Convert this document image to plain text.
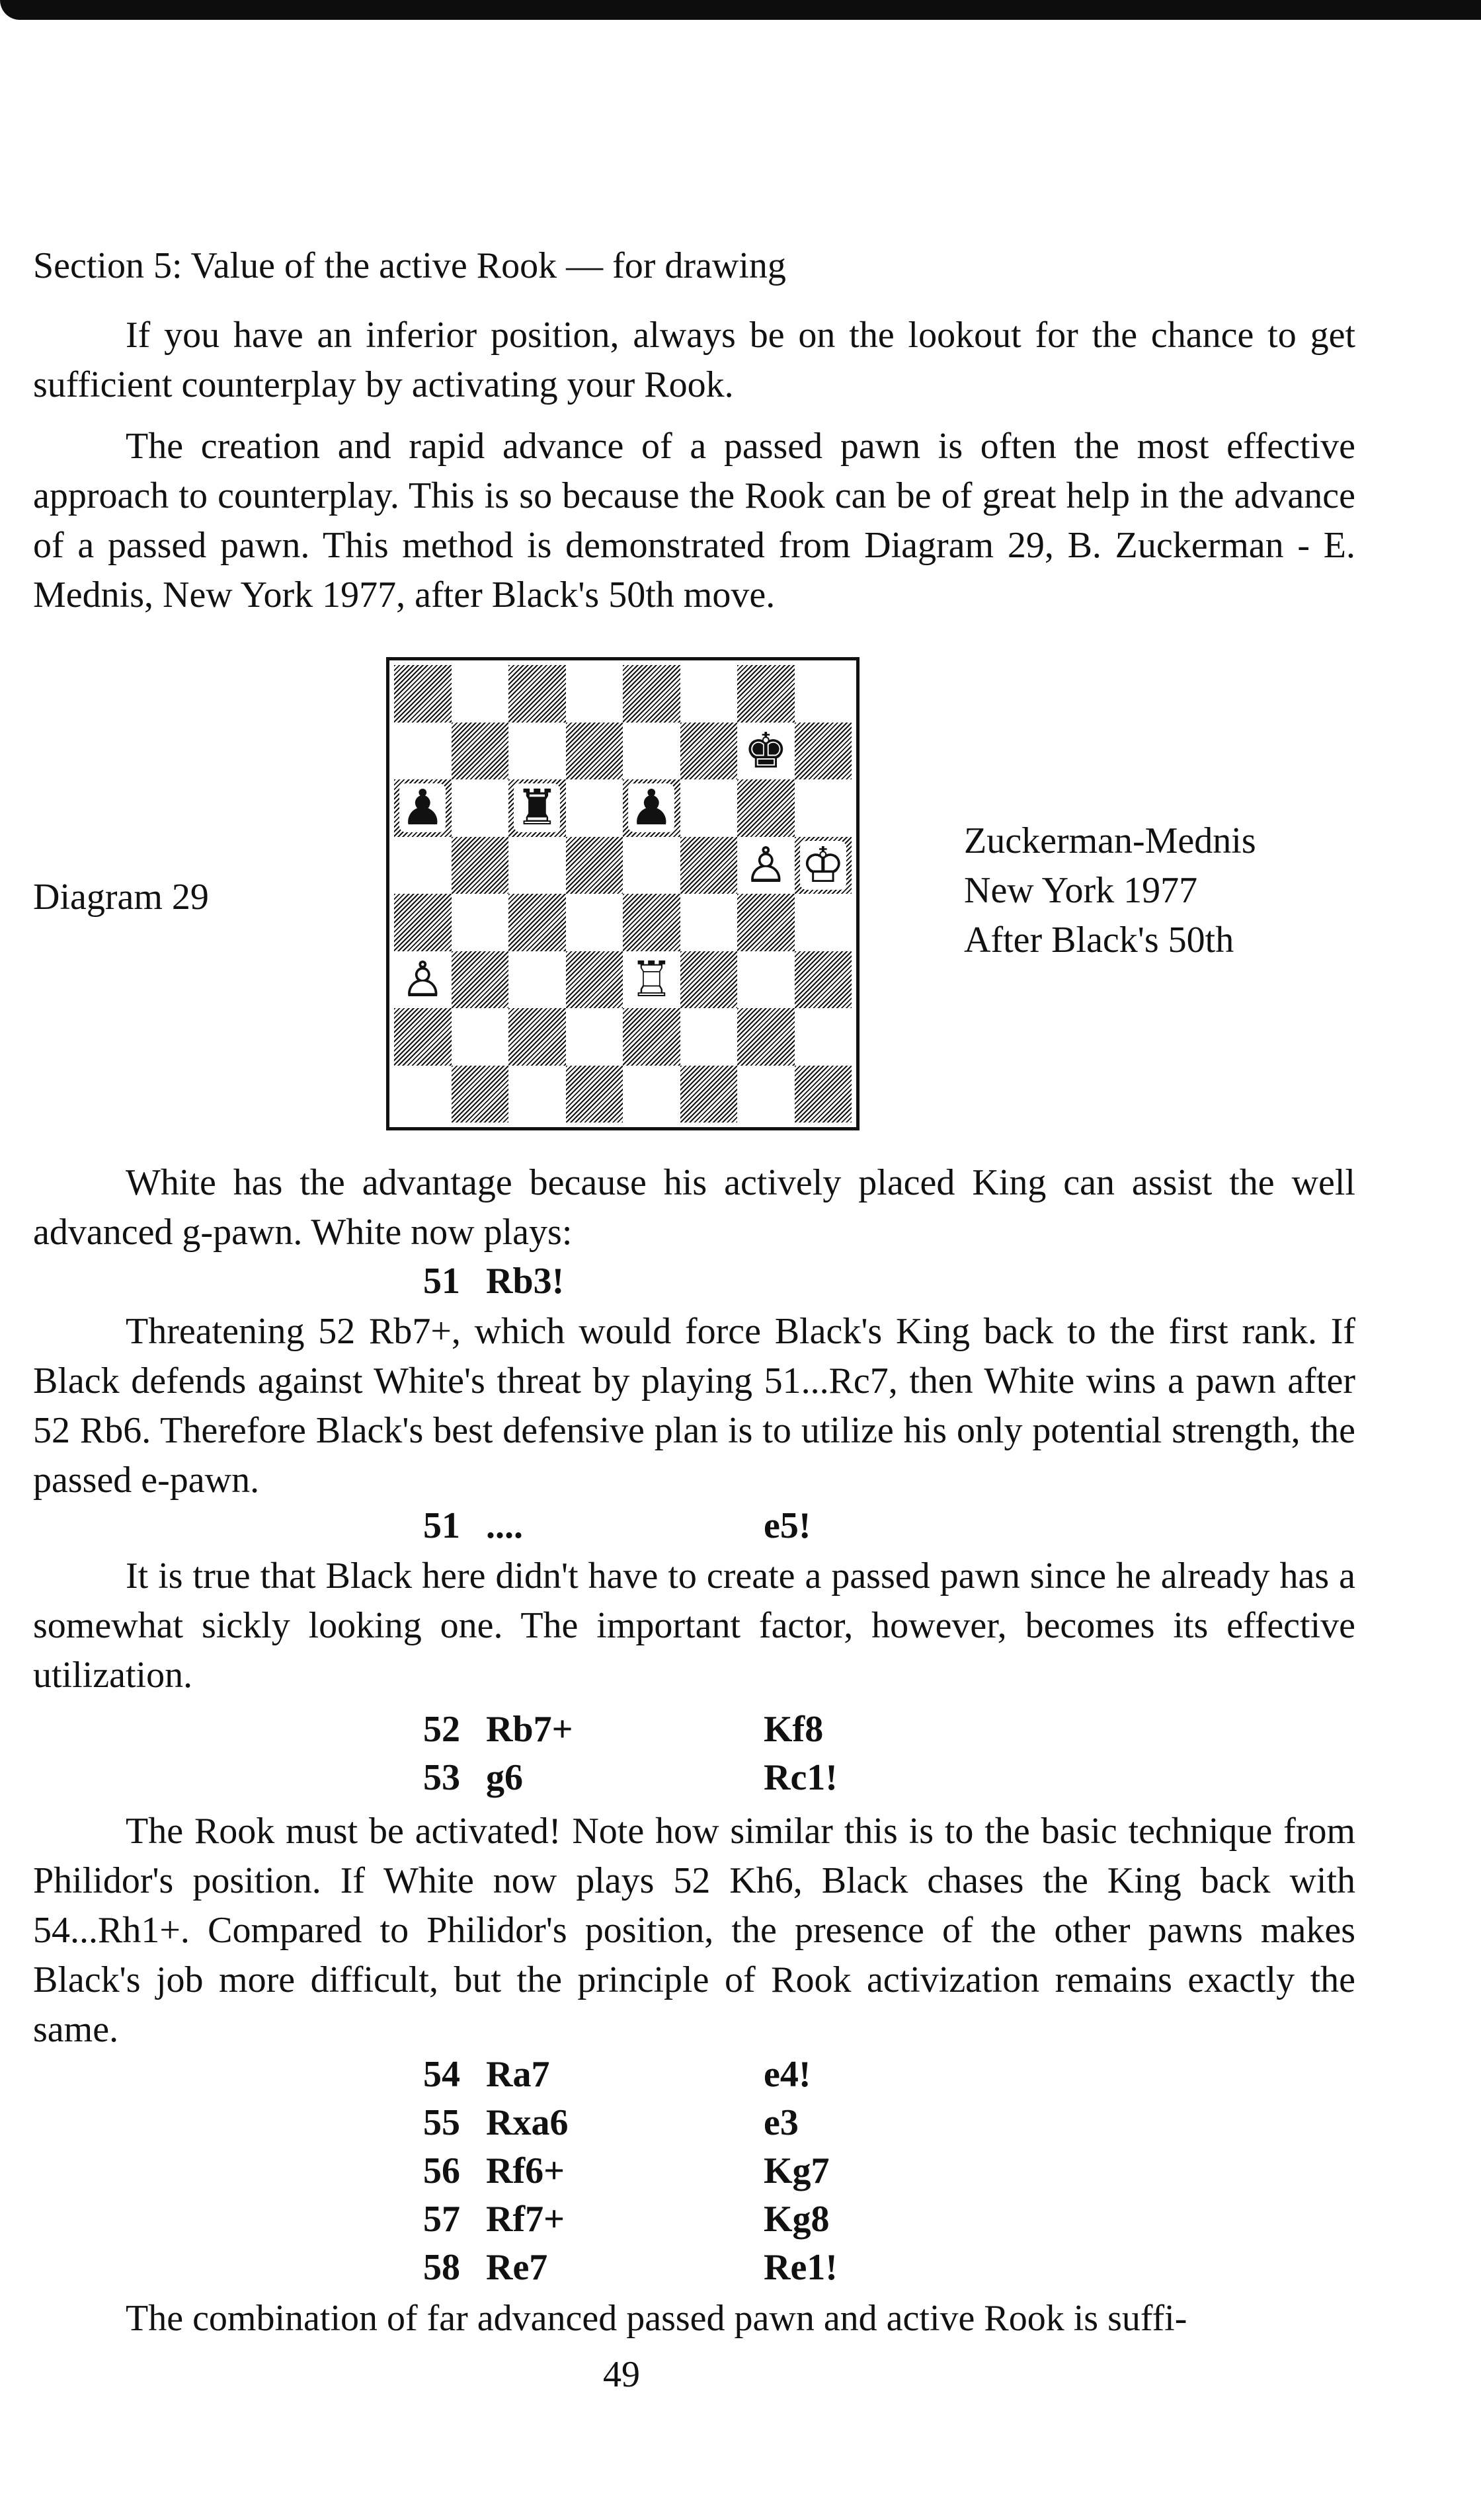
Section 5: Value of the active Rook — for drawing

If you have an inferior position, always be on the lookout for the chance to get sufficient counterplay by activating your Rook.

The creation and rapid advance of a passed pawn is often the most effective approach to counterplay. This is so because the Rook can be of great help in the advance of a passed pawn. This method is demonstrated from Diagram 29, B. Zuckerman - E. Mednis, New York 1977, after Black's 50th move.

Diagram 29
♚
♟ ♜ ♟
♙ ♔
♙	♖
Zuckerman-Mednis
New York 1977
After Black's 50th

White has the advantage because his actively placed King can assist the well advanced g-pawn. White now plays:

51 Rb3!

Threatening 52 Rb7+, which would force Black's King back to the first rank. If Black defends against White's threat by playing 51...Rc7, then White wins a pawn after 52 Rb6. Therefore Black's best defensive plan is to utilize his only potential strength, the passed e-pawn.

51 ....	e5!

It is true that Black here didn't have to create a passed pawn since he already has a somewhat sickly looking one. The important factor, however, becomes its effective utilization.

52 Rb7+	Kf8
53 g6	Rc1!

The Rook must be activated! Note how similar this is to the basic technique from Philidor's position. If White now plays 52 Kh6, Black chases the King back with 54...Rh1+. Compared to Philidor's position, the presence of the other pawns makes Black's job more difficult, but the principle of Rook activization remains exactly the same.

54 Ra7	e4!
55 Rxa6	e3
56 Rf6+	Kg7
57 Rf7+	Kg8
58 Re7	Re1!

The combination of far advanced passed pawn and active Rook is suffi-

49
